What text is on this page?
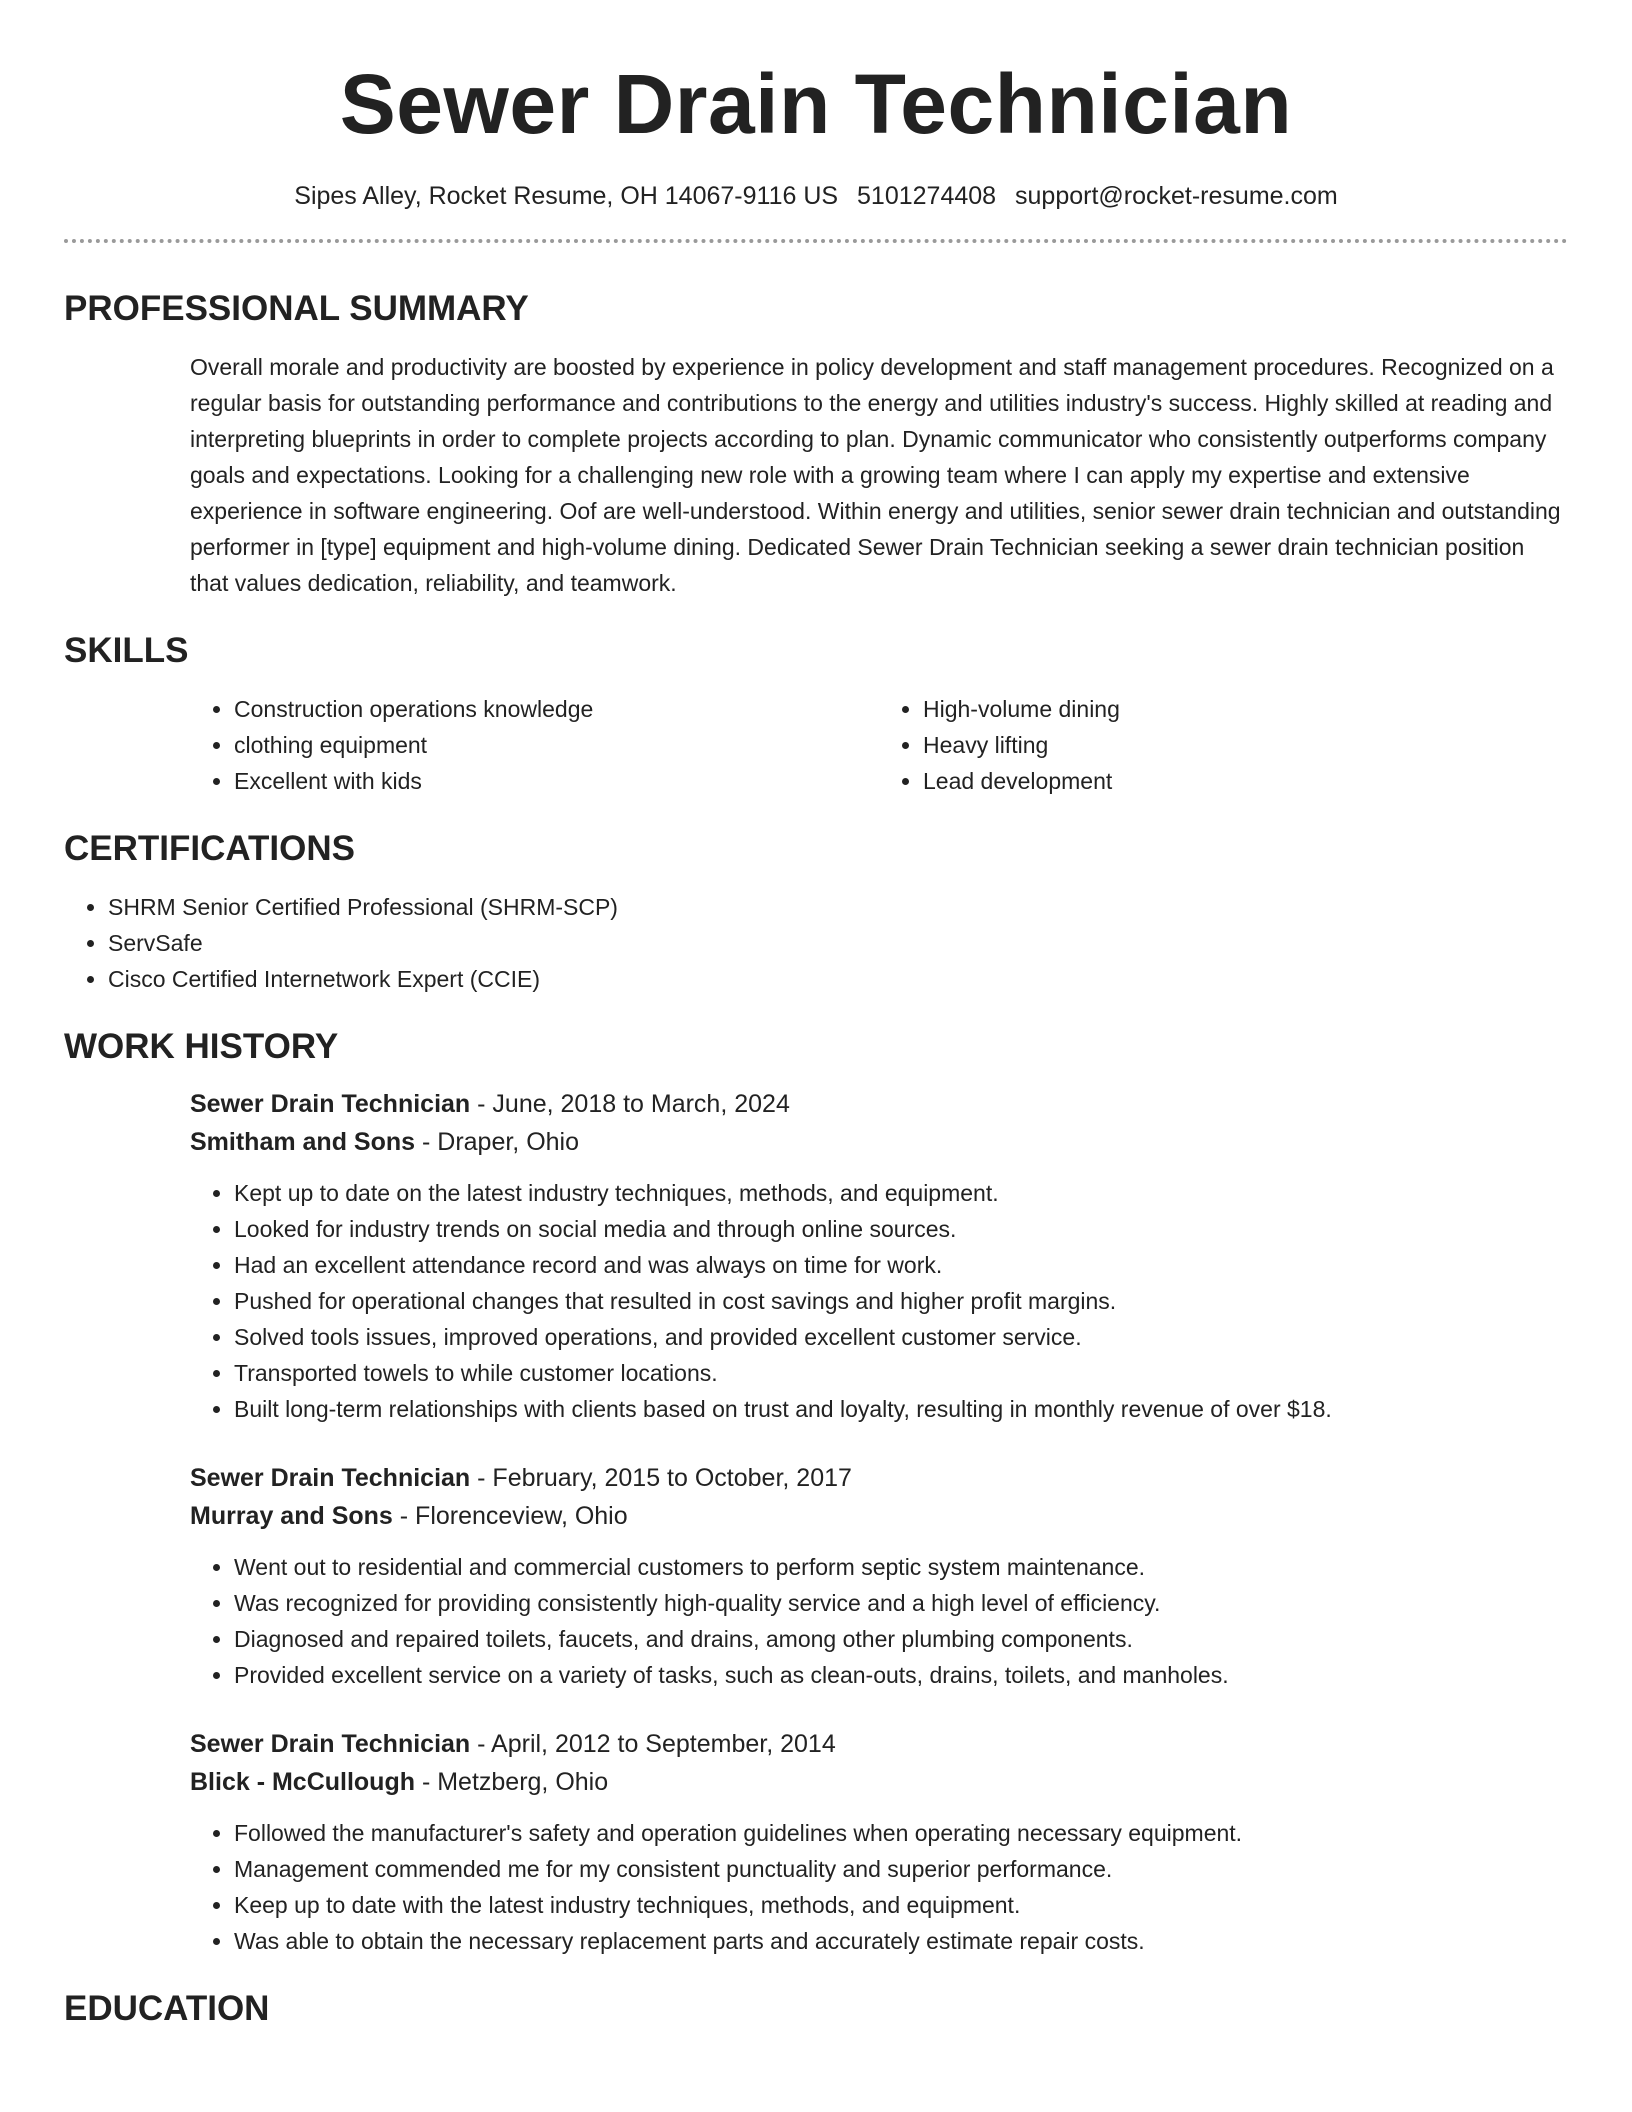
Sewer Drain Technician
Sipes Alley, Rocket Resume, OH 14067-9116 US 5101274408 support@rocket-resume.com
PROFESSIONAL SUMMARY

Overall morale and productivity are boosted by experience in policy development and staff management procedures. Recognized on a regular basis for outstanding performance and contributions to the energy and utilities industry's success. Highly skilled at reading and interpreting blueprints in order to complete projects according to plan. Dynamic communicator who consistently outperforms company goals and expectations. Looking for a challenging new role with a growing team where I can apply my expertise and extensive experience in software engineering. Oof are well-understood. Within energy and utilities, senior sewer drain technician and outstanding performer in [type] equipment and high-volume dining. Dedicated Sewer Drain Technician seeking a sewer drain technician position that values dedication, reliability, and teamwork.

SKILLS
• Construction operations knowledge
• clothing equipment
• Excellent with kids
• High-volume dining
• Heavy lifting
• Lead development
CERTIFICATIONS
• SHRM Senior Certified Professional (SHRM-SCP)
• ServSafe
• Cisco Certified Internetwork Expert (CCIE)
WORK HISTORY
Sewer Drain Technician - June, 2018 to March, 2024
Smitham and Sons - Draper, Ohio
• Kept up to date on the latest industry techniques, methods, and equipment.
• Looked for industry trends on social media and through online sources.
• Had an excellent attendance record and was always on time for work.
• Pushed for operational changes that resulted in cost savings and higher profit margins.
• Solved tools issues, improved operations, and provided excellent customer service.
• Transported towels to while customer locations.
• Built long-term relationships with clients based on trust and loyalty, resulting in monthly revenue of over $18.
Sewer Drain Technician - February, 2015 to October, 2017
Murray and Sons - Florenceview, Ohio
• Went out to residential and commercial customers to perform septic system maintenance.
• Was recognized for providing consistently high-quality service and a high level of efficiency.
• Diagnosed and repaired toilets, faucets, and drains, among other plumbing components.
• Provided excellent service on a variety of tasks, such as clean-outs, drains, toilets, and manholes.
Sewer Drain Technician - April, 2012 to September, 2014
Blick - McCullough - Metzberg, Ohio
• Followed the manufacturer's safety and operation guidelines when operating necessary equipment.
• Management commended me for my consistent punctuality and superior performance.
• Keep up to date with the latest industry techniques, methods, and equipment.
• Was able to obtain the necessary replacement parts and accurately estimate repair costs.
EDUCATION
